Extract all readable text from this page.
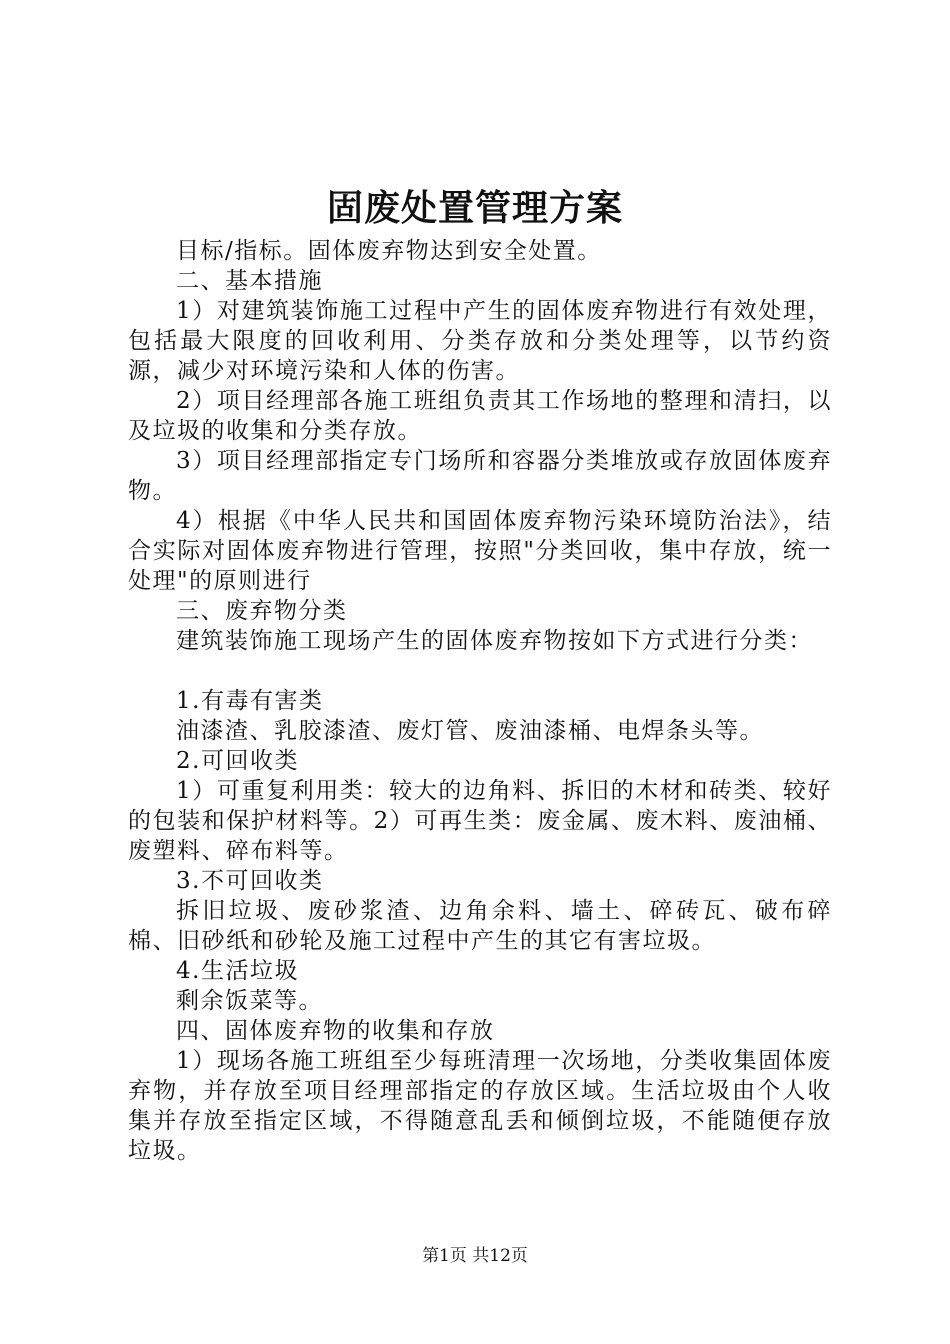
固废处置管理方案

目标/指标。固体废弃物达到安全处置。

二、基本措施

1）对建筑装饰施工过程中产生的固体废弃物进行有效处理，包括最大限度的回收利用、分类存放和分类处理等，以节约资源，减少对环境污染和人体的伤害。

2）项目经理部各施工班组负责其工作场地的整理和清扫，以及垃圾的收集和分类存放。

3）项目经理部指定专门场所和容器分类堆放或存放固体废弃物。

4）根据《中华人民共和国固体废弃物污染环境防治法》，结合实际对固体废弃物进行管理，按照"分类回收，集中存放，统一处理"的原则进行

三、废弃物分类

建筑装饰施工现场产生的固体废弃物按如下方式进行分类：

1.有毒有害类

油漆渣、乳胶漆渣、废灯管、废油漆桶、电焊条头等。

2.可回收类

1）可重复利用类：较大的边角料、拆旧的木材和砖类、较好的包装和保护材料等。2）可再生类：废金属、废木料、废油桶、废塑料、碎布料等。

3.不可回收类

拆旧垃圾、废砂浆渣、边角余料、墙土、碎砖瓦、破布碎棉、旧砂纸和砂轮及施工过程中产生的其它有害垃圾。

4.生活垃圾

剩余饭菜等。

四、固体废弃物的收集和存放

1）现场各施工班组至少每班清理一次场地，分类收集固体废弃物，并存放至项目经理部指定的存放区域。生活垃圾由个人收集并存放至指定区域，不得随意乱丢和倾倒垃圾，不能随便存放垃圾。

第1页 共12页
